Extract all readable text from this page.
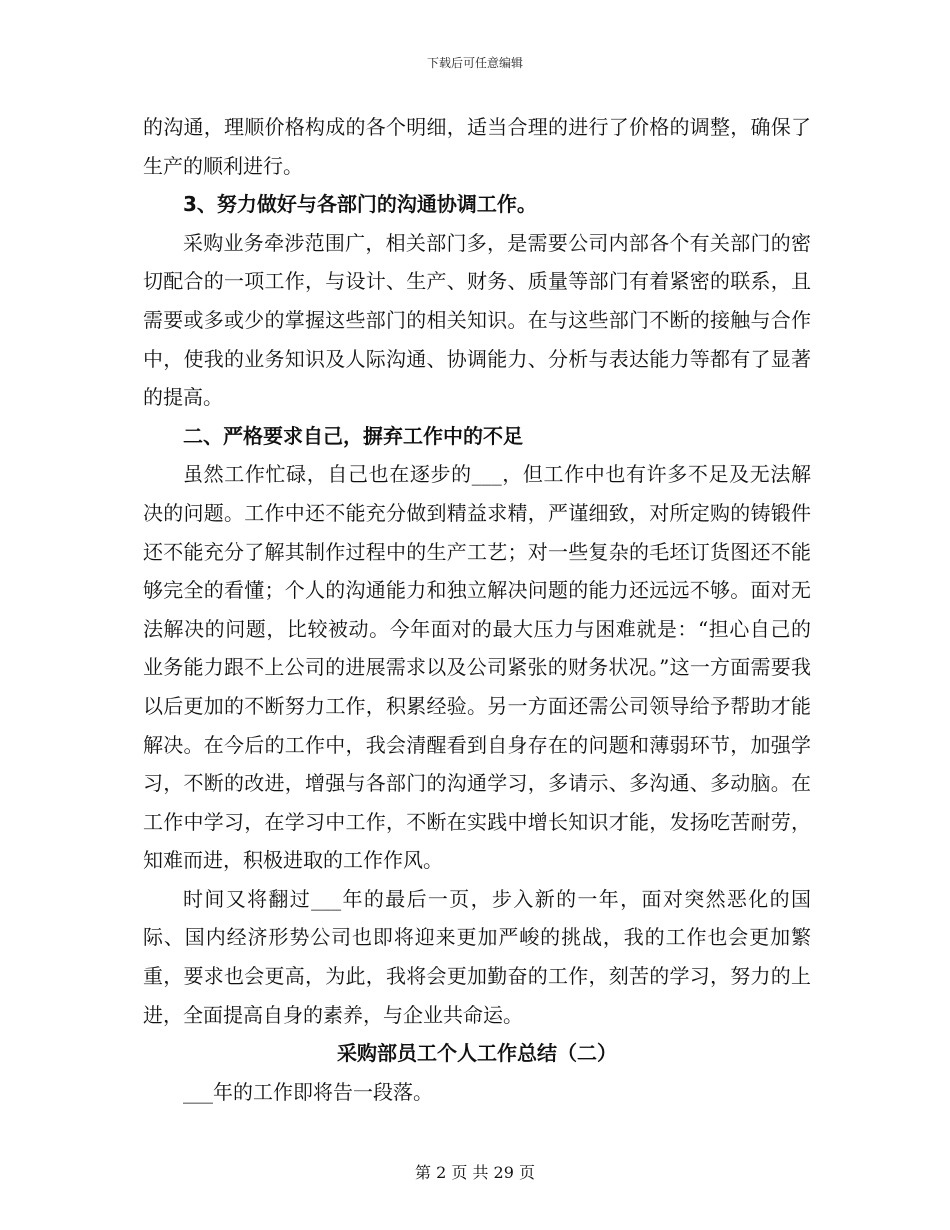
下载后可任意编辑

的沟通，理顺价格构成的各个明细，适当合理的进行了价格的调整，确保了生产的顺利进行。

3、努力做好与各部门的沟通协调工作。

采购业务牵涉范围广，相关部门多，是需要公司内部各个有关部门的密切配合的一项工作，与设计、生产、财务、质量等部门有着紧密的联系，且需要或多或少的掌握这些部门的相关知识。在与这些部门不断的接触与合作中，使我的业务知识及人际沟通、协调能力、分析与表达能力等都有了显著的提高。

二、严格要求自己，摒弃工作中的不足

虽然工作忙碌，自己也在逐步的___，但工作中也有许多不足及无法解决的问题。工作中还不能充分做到精益求精，严谨细致，对所定购的铸锻件还不能充分了解其制作过程中的生产工艺；对一些复杂的毛坯订货图还不能够完全的看懂；个人的沟通能力和独立解决问题的能力还远远不够。面对无法解决的问题，比较被动。今年面对的最大压力与困难就是：“担心自己的业务能力跟不上公司的进展需求以及公司紧张的财务状况。”这一方面需要我以后更加的不断努力工作，积累经验。另一方面还需公司领导给予帮助才能解决。在今后的工作中，我会清醒看到自身存在的问题和薄弱环节，加强学习，不断的改进，增强与各部门的沟通学习，多请示、多沟通、多动脑。在工作中学习，在学习中工作，不断在实践中增长知识才能，发扬吃苦耐劳，知难而进，积极进取的工作作风。

时间又将翻过___年的最后一页，步入新的一年，面对突然恶化的国际、国内经济形势公司也即将迎来更加严峻的挑战，我的工作也会更加繁重，要求也会更高，为此，我将会更加勤奋的工作，刻苦的学习，努力的上进，全面提高自身的素养，与企业共命运。

采购部员工个人工作总结（二）

___年的工作即将告一段落。

第 2 页 共 29 页
